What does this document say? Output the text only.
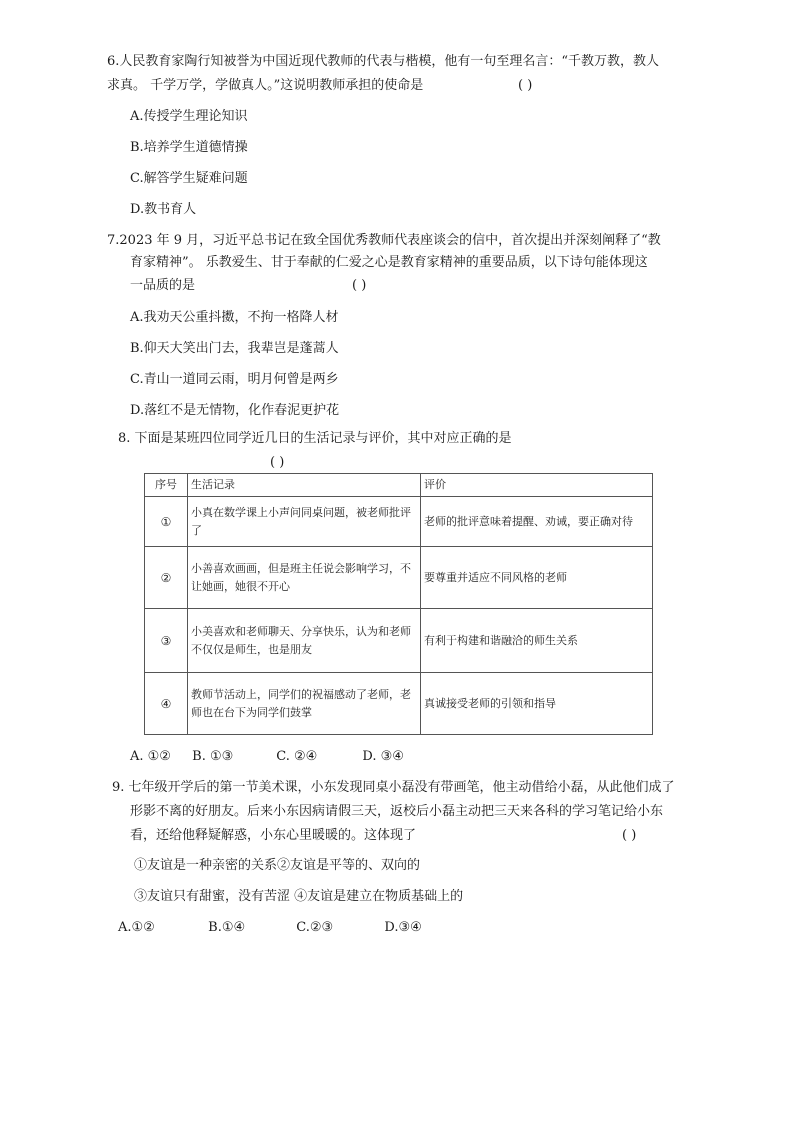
6.人民教育家陶行知被誉为中国近现代教师的代表与楷模，他有一句至理名言：“千教万教，教人
求真。 千学万学，学做真人。”这说明教师承担的使命是	( )
A.传授学生理论知识
B.培养学生道德情操
C.解答学生疑难问题
D.教书育人
7.2023 年 9 月，习近平总书记在致全国优秀教师代表座谈会的信中，首次提出并深刻阐释了“教
育家精神”。 乐教爱生、甘于奉献的仁爱之心是教育家精神的重要品质，以下诗句能体现这
一品质的是	( )
A.我劝天公重抖擞，不拘一格降人材
B.仰天大笑出门去，我辈岂是蓬蒿人
C.青山一道同云雨，明月何曾是两乡
D.落红不是无情物，化作春泥更护花
8. 下面是某班四位同学近几日的生活记录与评价，其中对应正确的是
( )
序号	生活记录	评价
①	小真在数学课上小声问同桌问题，被老师批评了	老师的批评意味着提醒、劝诫，要正确对待
②	小善喜欢画画，但是班主任说会影响学习，不让她画，她很不开心	要尊重并适应不同风格的老师
③	小美喜欢和老师聊天、分享快乐，认为和老师不仅仅是师生，也是朋友	有利于构建和谐融洽的师生关系
④	教师节活动上，同学们的祝福感动了老师，老师也在台下为同学们鼓掌	真诚接受老师的引领和指导
A. ①② B. ①③	C. ②④	D. ③④
9. 七年级开学后的第一节美术课，小东发现同桌小磊没有带画笔，他主动借给小磊，从此他们成了
形影不离的好朋友。后来小东因病请假三天，返校后小磊主动把三天来各科的学习笔记给小东
看，还给他释疑解惑，小东心里暖暖的。这体现了	( )
①友谊是一种亲密的关系②友谊是平等的、双向的
③友谊只有甜蜜，没有苦涩 ④友谊是建立在物质基础上的
A.①②	B.①④	C.②③	D.③④
